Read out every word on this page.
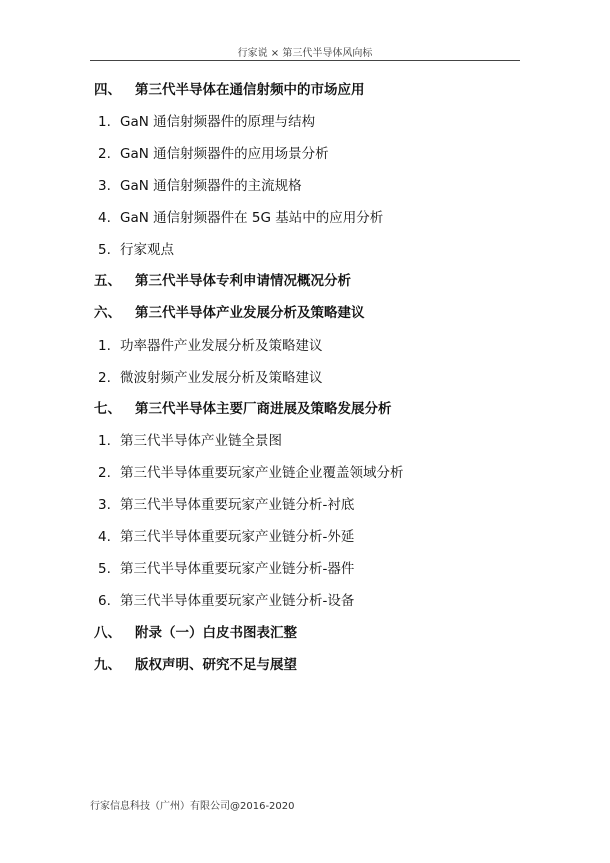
行家说 × 第三代半导体风向标
四、 第三代半导体在通信射频中的市场应用
1. GaN 通信射频器件的原理与结构
2. GaN 通信射频器件的应用场景分析
3. GaN 通信射频器件的主流规格
4. GaN 通信射频器件在 5G 基站中的应用分析
5. 行家观点
五、 第三代半导体专利申请情况概况分析
六、 第三代半导体产业发展分析及策略建议
1. 功率器件产业发展分析及策略建议
2. 微波射频产业发展分析及策略建议
七、 第三代半导体主要厂商进展及策略发展分析
1. 第三代半导体产业链全景图
2. 第三代半导体重要玩家产业链企业覆盖领域分析
3. 第三代半导体重要玩家产业链分析-衬底
4. 第三代半导体重要玩家产业链分析-外延
5. 第三代半导体重要玩家产业链分析-器件
6. 第三代半导体重要玩家产业链分析-设备
八、 附录（一）白皮书图表汇整
九、 版权声明、研究不足与展望
行家信息科技（广州）有限公司@2016-2020
